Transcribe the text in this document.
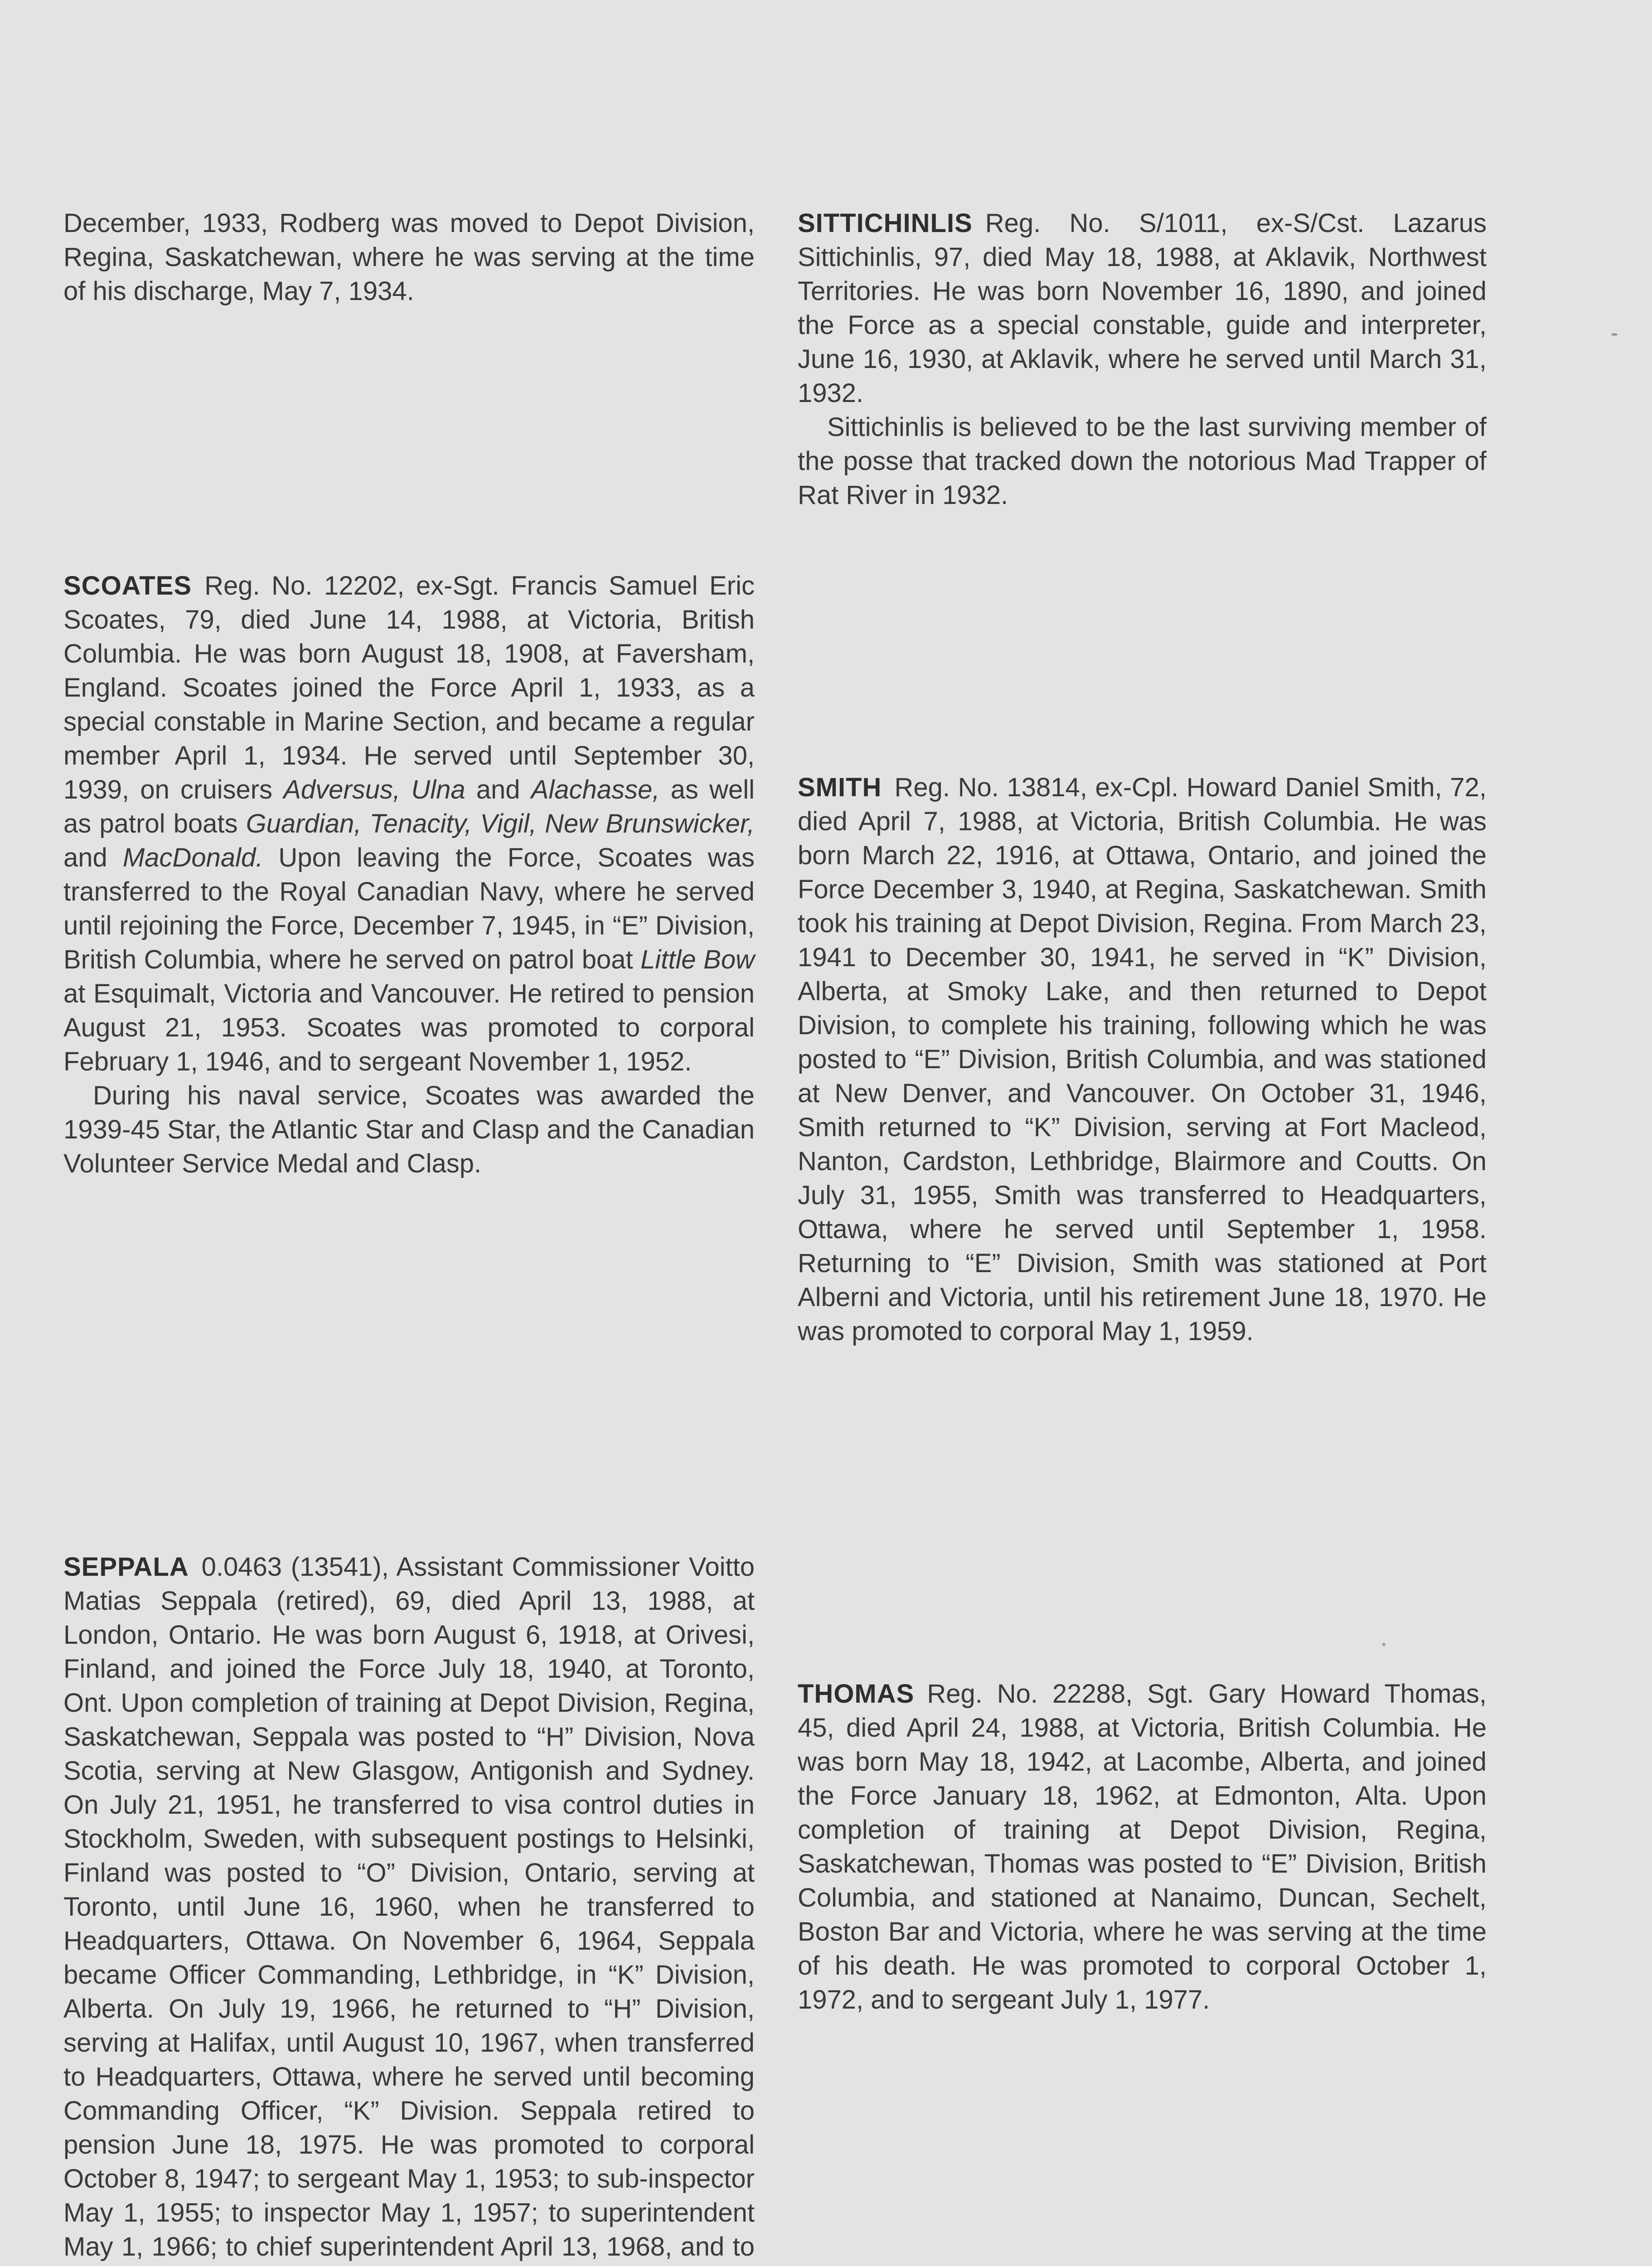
December, 1933, Rodberg was moved to Depot Division, Regina, Saskatchewan, where he was serving at the time of his discharge, May 7, 1934.

SCOATES Reg. No. 12202, ex-Sgt. Francis Samuel Eric Scoates, 79, died June 14, 1988, at Victoria, British Columbia. He was born August 18, 1908, at Faversham, England. Scoates joined the Force April 1, 1933, as a special constable in Marine Section, and became a regular member April 1, 1934. He served until September 30, 1939, on cruisers Adversus, Ulna and Alachasse, as well as patrol boats Guardian, Tenacity, Vigil, New Brunswicker, and MacDonald. Upon leaving the Force, Scoates was transferred to the Royal Canadian Navy, where he served until rejoining the Force, December 7, 1945, in “E” Division, British Columbia, where he served on patrol boat Little Bow at Esquimalt, Victoria and Vancouver. He retired to pension August 21, 1953. Scoates was promoted to corporal February 1, 1946, and to sergeant November 1, 1952.

During his naval service, Scoates was awarded the 1939-45 Star, the Atlantic Star and Clasp and the Canadian Volunteer Service Medal and Clasp.

SEPPALA 0.0463 (13541), Assistant Commissioner Voitto Matias Seppala (retired), 69, died April 13, 1988, at London, Ontario. He was born August 6, 1918, at Orivesi, Finland, and joined the Force July 18, 1940, at Toronto, Ont. Upon completion of training at Depot Division, Regina, Saskatchewan, Seppala was posted to “H” Division, Nova Scotia, serving at New Glasgow, Antigonish and Sydney. On July 21, 1951, he transferred to visa control duties in Stockholm, Sweden, with subsequent postings to Helsinki, Finland was posted to “O” Division, Ontario, serving at Toronto, until June 16, 1960, when he transferred to Headquarters, Ottawa. On November 6, 1964, Seppala became Officer Commanding, Lethbridge, in “K” Division, Alberta. On July 19, 1966, he returned to “H” Division, serving at Halifax, until August 10, 1967, when transferred to Headquarters, Ottawa, where he served until becoming Commanding Officer, “K” Division. Seppala retired to pension June 18, 1975. He was promoted to corporal October 8, 1947; to sergeant May 1, 1953; to sub-inspector May 1, 1955; to inspector May 1, 1957; to superintendent May 1, 1966; to chief superintendent April 13, 1968, and to

SITTICHINLIS Reg. No. S/1011, ex-S/Cst. Lazarus Sittichinlis, 97, died May 18, 1988, at Aklavik, Northwest Territories. He was born November 16, 1890, and joined the Force as a special constable, guide and interpreter, June 16, 1930, at Aklavik, where he served until March 31, 1932.

Sittichinlis is believed to be the last surviving member of the posse that tracked down the notorious Mad Trapper of Rat River in 1932.

SMITH Reg. No. 13814, ex-Cpl. Howard Daniel Smith, 72, died April 7, 1988, at Victoria, British Columbia. He was born March 22, 1916, at Ottawa, Ontario, and joined the Force December 3, 1940, at Regina, Saskatchewan. Smith took his training at Depot Division, Regina. From March 23, 1941 to December 30, 1941, he served in “K” Division, Alberta, at Smoky Lake, and then returned to Depot Division, to complete his training, following which he was posted to “E” Division, British Columbia, and was stationed at New Denver, and Vancouver. On October 31, 1946, Smith returned to “K” Division, serving at Fort Macleod, Nanton, Cardston, Lethbridge, Blairmore and Coutts. On July 31, 1955, Smith was transferred to Headquarters, Ottawa, where he served until September 1, 1958. Returning to “E” Division, Smith was stationed at Port Alberni and Victoria, until his retirement June 18, 1970. He was promoted to corporal May 1, 1959.

THOMAS Reg. No. 22288, Sgt. Gary Howard Thomas, 45, died April 24, 1988, at Victoria, British Columbia. He was born May 18, 1942, at Lacombe, Alberta, and joined the Force January 18, 1962, at Edmonton, Alta. Upon completion of training at Depot Division, Regina, Saskatchewan, Thomas was posted to “E” Division, British Columbia, and stationed at Nanaimo, Duncan, Sechelt, Boston Bar and Victoria, where he was serving at the time of his death. He was promoted to corporal October 1, 1972, and to sergeant July 1, 1977.
